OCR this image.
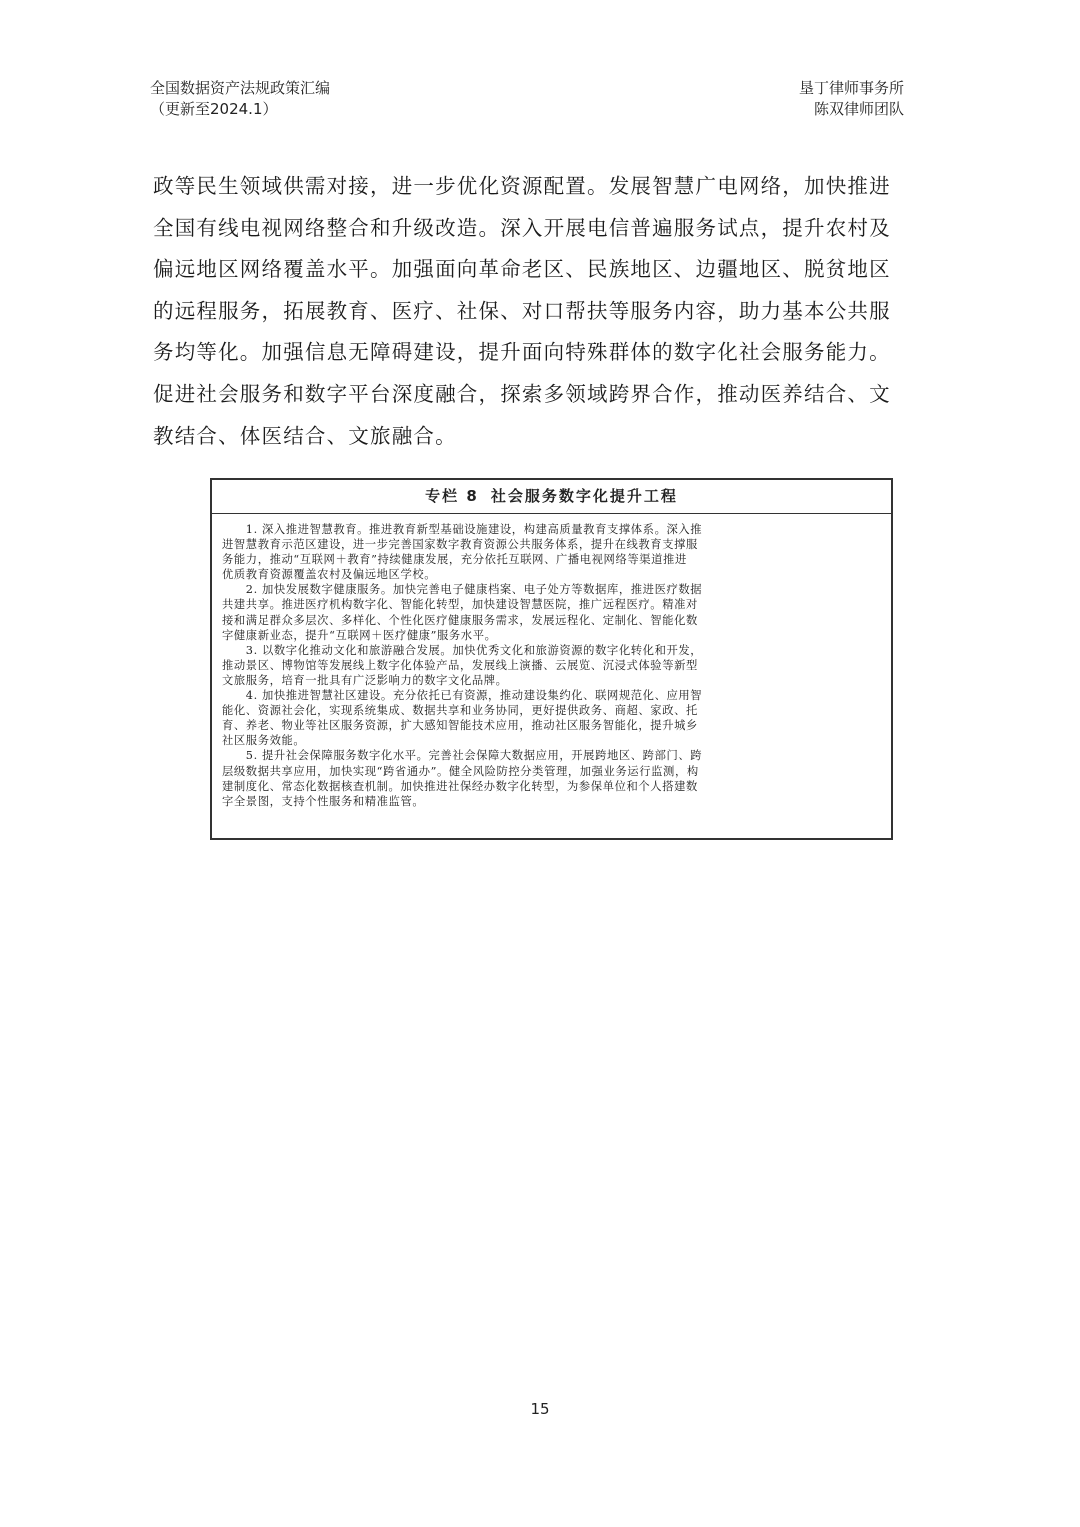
全国数据资产法规政策汇编
（更新至2024.1）
垦丁律师事务所
陈双律师团队
政等民生领域供需对接，进一步优化资源配置。发展智慧广电网络，加快推进
全国有线电视网络整合和升级改造。深入开展电信普遍服务试点，提升农村及
偏远地区网络覆盖水平。加强面向革命老区、民族地区、边疆地区、脱贫地区
的远程服务，拓展教育、医疗、社保、对口帮扶等服务内容，助力基本公共服
务均等化。加强信息无障碍建设，提升面向特殊群体的数字化社会服务能力。
促进社会服务和数字平台深度融合，探索多领域跨界合作，推动医养结合、文
教结合、体医结合、文旅融合。
专栏 8 社会服务数字化提升工程
　　1. 深入推进智慧教育。推进教育新型基础设施建设，构建高质量教育支撑体系。深入推
进智慧教育示范区建设，进一步完善国家数字教育资源公共服务体系，提升在线教育支撑服
务能力，推动“互联网＋教育”持续健康发展，充分依托互联网、广播电视网络等渠道推进
优质教育资源覆盖农村及偏远地区学校。
　　2. 加快发展数字健康服务。加快完善电子健康档案、电子处方等数据库，推进医疗数据
共建共享。推进医疗机构数字化、智能化转型，加快建设智慧医院，推广远程医疗。精准对
接和满足群众多层次、多样化、个性化医疗健康服务需求，发展远程化、定制化、智能化数
字健康新业态，提升“互联网＋医疗健康”服务水平。
　　3. 以数字化推动文化和旅游融合发展。加快优秀文化和旅游资源的数字化转化和开发，
推动景区、博物馆等发展线上数字化体验产品，发展线上演播、云展览、沉浸式体验等新型
文旅服务，培育一批具有广泛影响力的数字文化品牌。
　　4. 加快推进智慧社区建设。充分依托已有资源，推动建设集约化、联网规范化、应用智
能化、资源社会化，实现系统集成、数据共享和业务协同，更好提供政务、商超、家政、托
育、养老、物业等社区服务资源，扩大感知智能技术应用，推动社区服务智能化，提升城乡
社区服务效能。
　　5. 提升社会保障服务数字化水平。完善社会保障大数据应用，开展跨地区、跨部门、跨
层级数据共享应用，加快实现“跨省通办”。健全风险防控分类管理，加强业务运行监测，构
建制度化、常态化数据核查机制。加快推进社保经办数字化转型，为参保单位和个人搭建数
字全景图，支持个性服务和精准监管。
15
